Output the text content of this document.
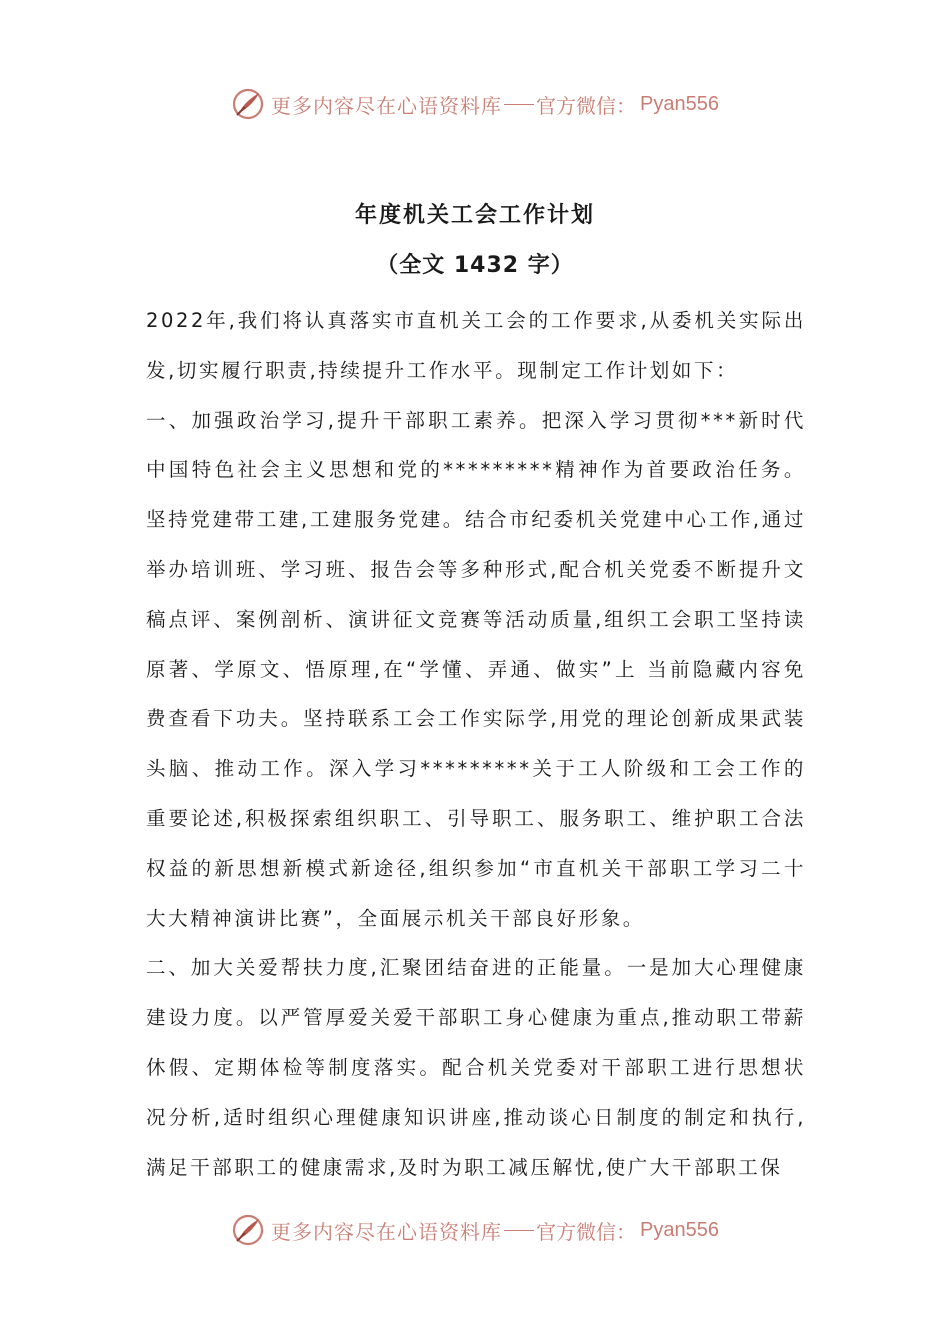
更多内容尽在心语资料库 官方微信： Pyan556
年度机关工会工作计划
（全文 1432 字）

2022年,我们将认真落实市直机关工会的工作要求,从委机关实际出发,切实履行职责,持续提升工作水平。现制定工作计划如下：

一、加强政治学习,提升干部职工素养。把深入学习贯彻***新时代中国特色社会主义思想和党的*********精神作为首要政治任务。坚持党建带工建,工建服务党建。结合市纪委机关党建中心工作,通过举办培训班、学习班、报告会等多种形式,配合机关党委不断提升文稿点评、案例剖析、演讲征文竞赛等活动质量,组织工会职工坚持读原著、学原文、悟原理,在“学懂、弄通、做实”上 当前隐藏内容免费查看下功夫。坚持联系工会工作实际学,用党的理论创新成果武装头脑、推动工作。深入学习*********关于工人阶级和工会工作的重要论述,积极探索组织职工、引导职工、服务职工、维护职工合法权益的新思想新模式新途径,组织参加“市直机关干部职工学习二十大大精神演讲比赛”，全面展示机关干部良好形象。

二、加大关爱帮扶力度,汇聚团结奋进的正能量。一是加大心理健康建设力度。以严管厚爱关爱干部职工身心健康为重点,推动职工带薪休假、定期体检等制度落实。配合机关党委对干部职工进行思想状况分析,适时组织心理健康知识讲座,推动谈心日制度的制定和执行,满足干部职工的健康需求,及时为职工减压解忧,使广大干部职工保

更多内容尽在心语资料库 官方微信： Pyan556
